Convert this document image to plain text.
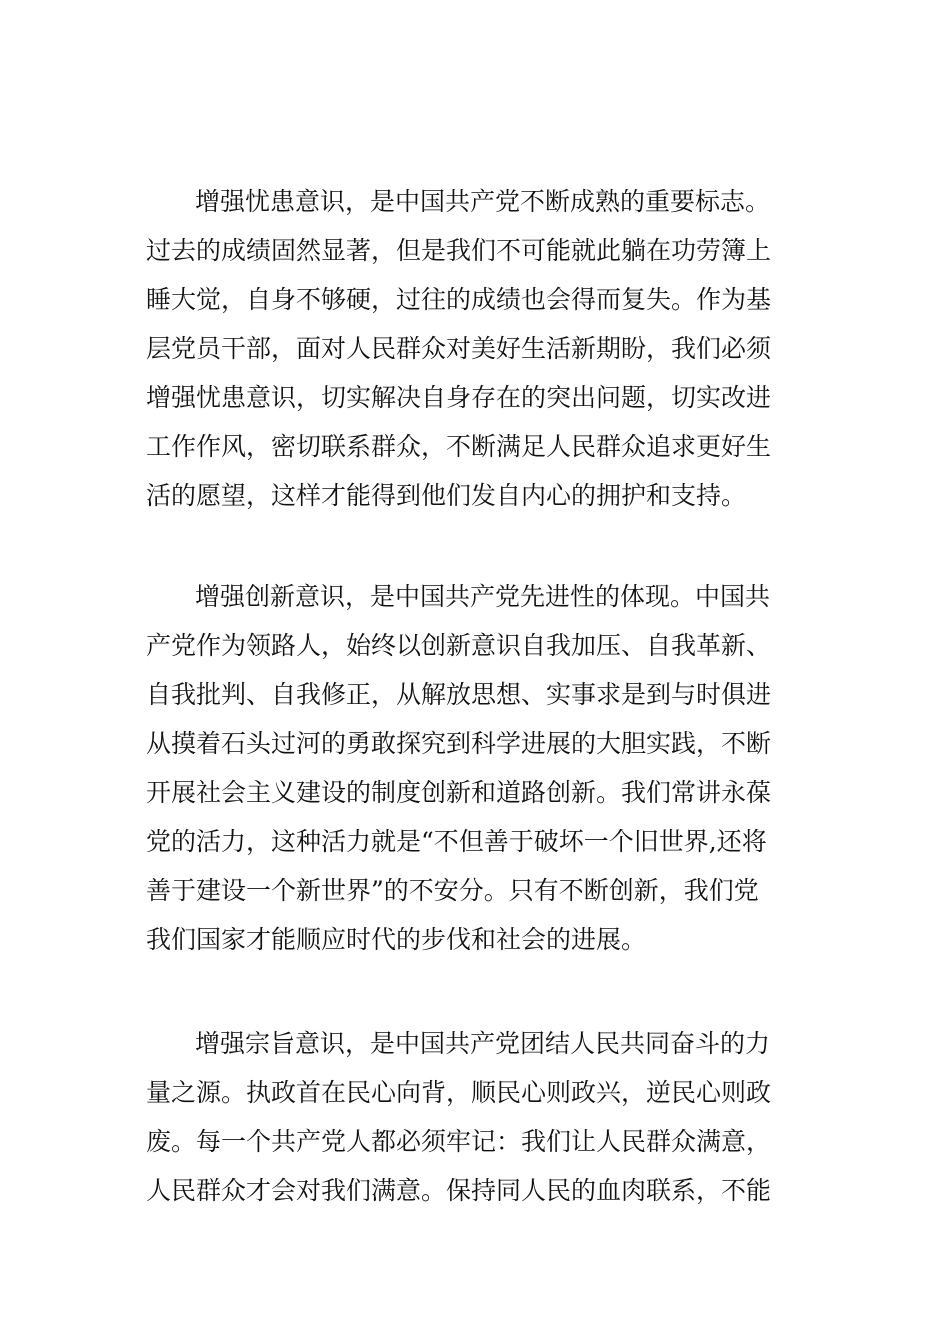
增强忧患意识，是中国共产党不断成熟的重要标志。
过去的成绩固然显著，但是我们不可能就此躺在功劳簿上
睡大觉，自身不够硬，过往的成绩也会得而复失。作为基
层党员干部，面对人民群众对美好生活新期盼，我们必须
增强忧患意识，切实解决自身存在的突出问题，切实改进
工作作风，密切联系群众，不断满足人民群众追求更好生
活的愿望，这样才能得到他们发自内心的拥护和支持。
增强创新意识，是中国共产党先进性的体现。中国共
产党作为领路人，始终以创新意识自我加压、自我革新、
自我批判、自我修正，从解放思想、实事求是到与时俱进
从摸着石头过河的勇敢探究到科学进展的大胆实践，不断
开展社会主义建设的制度创新和道路创新。我们常讲永葆
党的活力，这种活力就是“不但善于破坏一个旧世界,还将
善于建设一个新世界”的不安分。只有不断创新，我们党
我们国家才能顺应时代的步伐和社会的进展。
增强宗旨意识，是中国共产党团结人民共同奋斗的力
量之源。执政首在民心向背，顺民心则政兴，逆民心则政
废。每一个共产党人都必须牢记：我们让人民群众满意，
人民群众才会对我们满意。保持同人民的血肉联系，不能
